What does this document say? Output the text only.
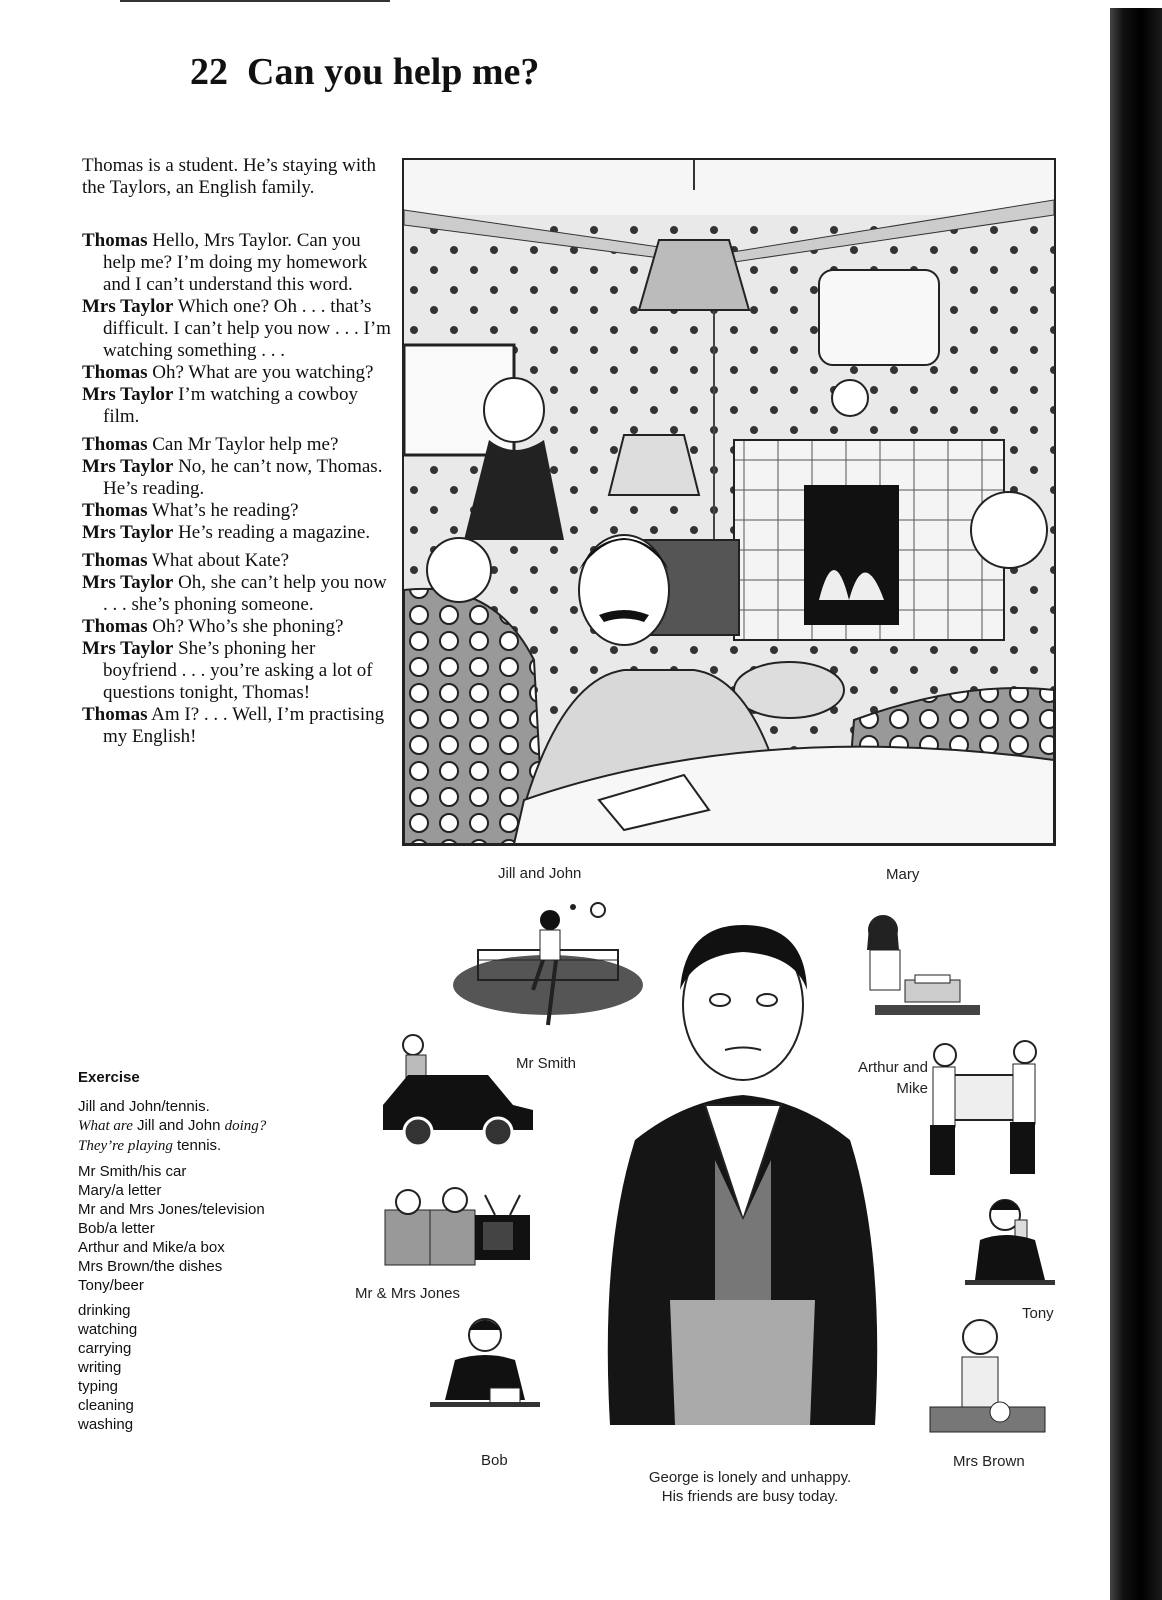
22 Can you help me?
Thomas is a student. He’s staying with the Taylors, an English family.
Thomas Hello, Mrs Taylor. Can you help me? I’m doing my homework and I can’t understand this word.
Mrs Taylor Which one? Oh . . . that’s difficult. I can’t help you now . . . I’m watching something . . .
Thomas Oh? What are you watching?
Mrs Taylor I’m watching a cowboy film.
Thomas Can Mr Taylor help me?
Mrs Taylor No, he can’t now, Thomas. He’s reading.
Thomas What’s he reading?
Mrs Taylor He’s reading a magazine.
Thomas What about Kate?
Mrs Taylor Oh, she can’t help you now . . . she’s phoning someone.
Thomas Oh? Who’s she phoning?
Mrs Taylor She’s phoning her boyfriend . . . you’re asking a lot of questions tonight, Thomas!
Thomas Am I? . . . Well, I’m practising my English!
Jill and John	Mary
Mr Smith	Arthur and Mike
Mr & Mrs Jones
Tony
Bob	Mrs Brown
George is lonely and unhappy.
His friends are busy today.
Exercise
Jill and John/tennis.
What are Jill and John doing?
They’re playing tennis.
Mr Smith/his car
Mary/a letter
Mr and Mrs Jones/television
Bob/a letter
Arthur and Mike/a box
Mrs Brown/the dishes
Tony/beer
drinking
watching
carrying
writing
typing
cleaning
washing
